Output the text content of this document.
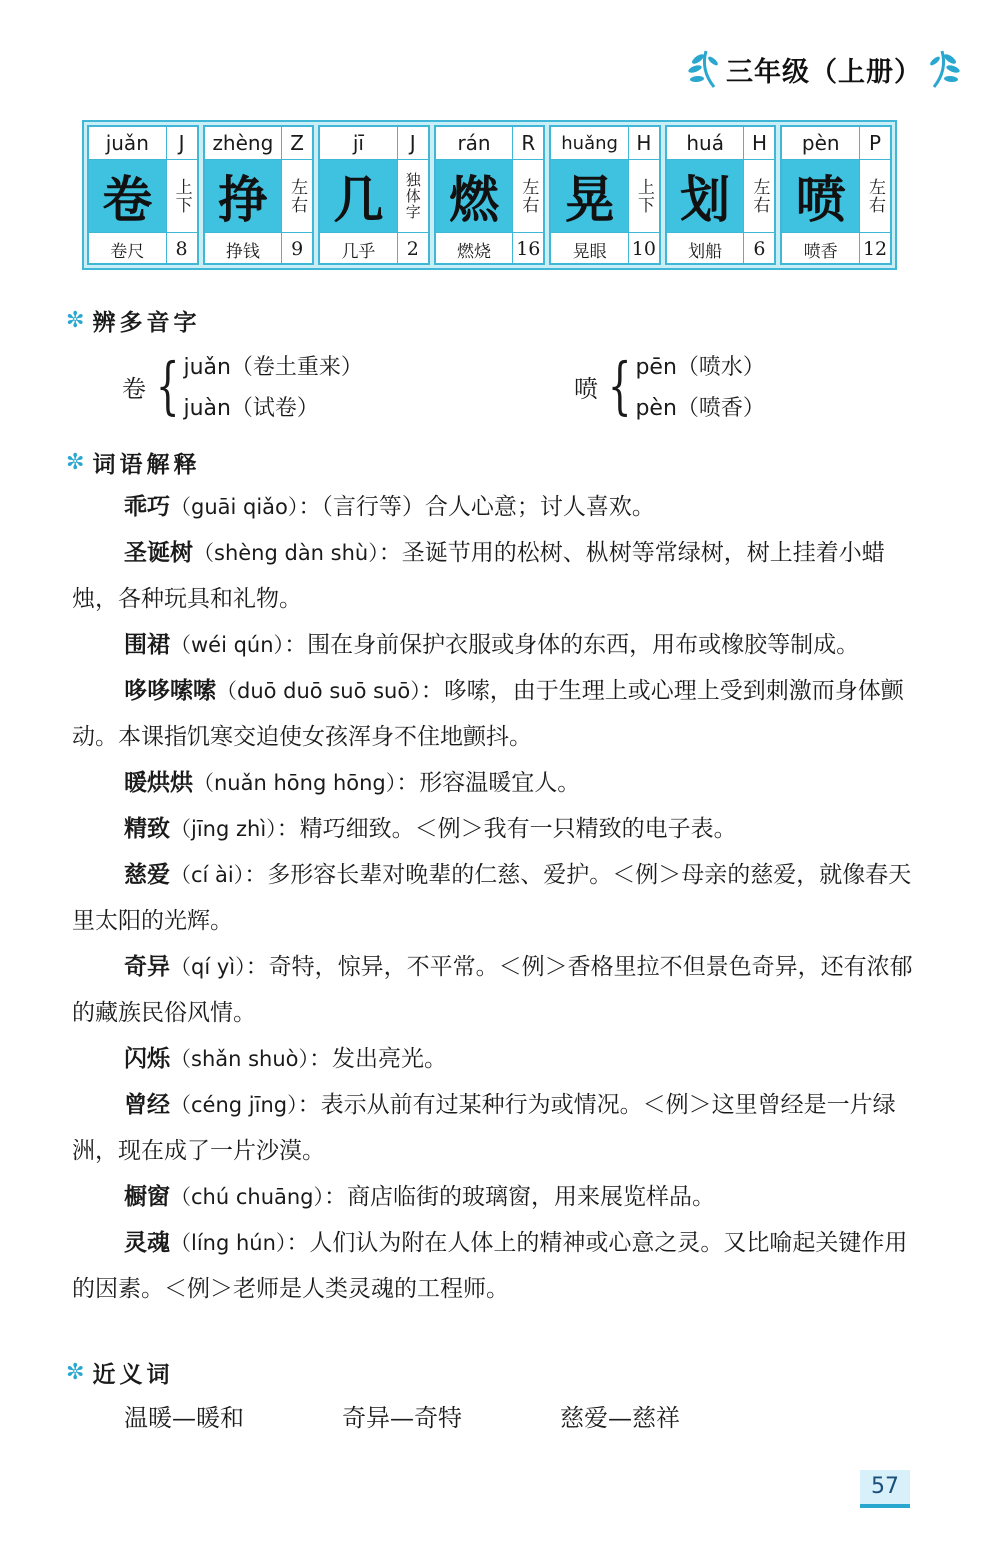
三年级（上册）
juǎn	J
卷	上下
卷尺	8
zhèng Z
挣	左右
挣钱	9
jī	J
几	独体字
几乎	2
rán	R
燃	左右
燃烧	16
huǎng H
晃	上下
晃眼	10
huá	H
划	左右
划船	6
pèn	P
喷	左右
喷香	12
✼ 辨多音字
卷 { juǎn（卷土重来）
juàn（试卷）
喷 { pēn（喷水）
pèn（喷香）
✼ 词语解释

乖巧（guāi qiǎo）：（言行等）合人心意；讨人喜欢。

圣诞树（shèng dàn shù）：圣诞节用的松树、枞树等常绿树，树上挂着小蜡烛，各种玩具和礼物。

围裙（wéi qún）：围在身前保护衣服或身体的东西，用布或橡胶等制成。

哆哆嗦嗦（duō duō suō suō）：哆嗦，由于生理上或心理上受到刺激而身体颤动。本课指饥寒交迫使女孩浑身不住地颤抖。

暖烘烘（nuǎn hōng hōng）：形容温暖宜人。

精致（jīng zhì）：精巧细致。＜例＞我有一只精致的电子表。

慈爱（cí ài）：多形容长辈对晚辈的仁慈、爱护。＜例＞母亲的慈爱，就像春天里太阳的光辉。

奇异（qí yì）：奇特，惊异，不平常。＜例＞香格里拉不但景色奇异，还有浓郁的藏族民俗风情。

闪烁（shǎn shuò）：发出亮光。

曾经（céng jīng）：表示从前有过某种行为或情况。＜例＞这里曾经是一片绿洲，现在成了一片沙漠。

橱窗（chú chuāng）：商店临街的玻璃窗，用来展览样品。

灵魂（líng hún）：人们认为附在人体上的精神或心意之灵。又比喻起关键作用的因素。＜例＞老师是人类灵魂的工程师。

✼ 近义词
温暖—暖和	奇异—奇特	慈爱—慈祥
57
